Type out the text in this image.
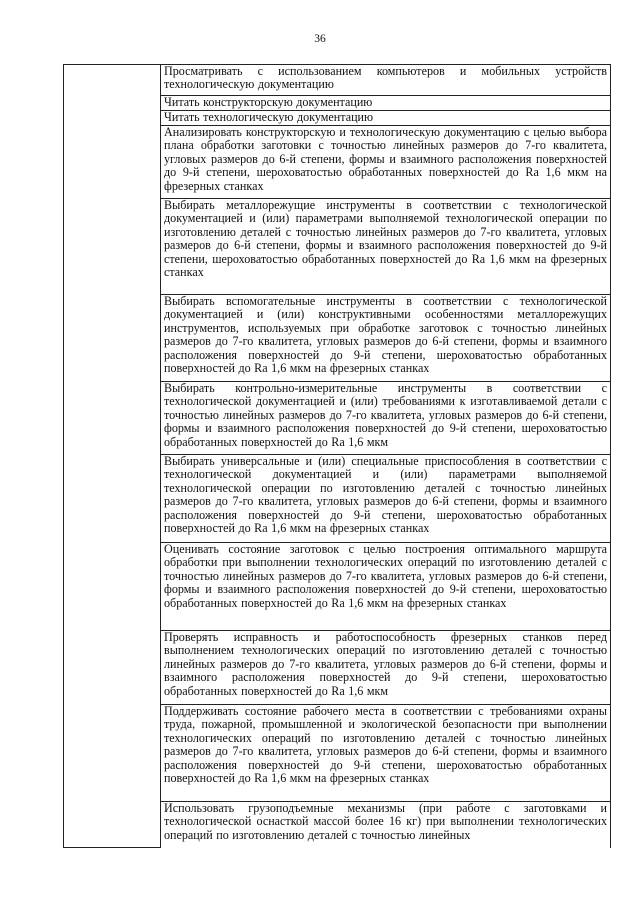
36

Просматривать с использованием компьютеров и мобильных устройств технологическую документацию

Читать конструкторскую документацию

Читать технологическую документацию

Анализировать конструкторскую и технологическую документацию с целью выбора плана обработки заготовки с точностью линейных размеров до 7-го квалитета, угловых размеров до 6-й степени, формы и взаимного расположения поверхностей до 9-й степени, шероховатостью обработанных поверхностей до Ra 1,6 мкм на фрезерных станках

Выбирать металлорежущие инструменты в соответствии с технологической документацией и (или) параметрами выполняемой технологической операции по изготовлению деталей с точностью линейных размеров до 7-го квалитета, угловых размеров до 6-й степени, формы и взаимного расположения поверхностей до 9-й степени, шероховатостью обработанных поверхностей до Ra 1,6 мкм на фрезерных станках

Выбирать вспомогательные инструменты в соответствии с технологической документацией и (или) конструктивными особенностями металлорежущих инструментов, используемых при обработке заготовок с точностью линейных размеров до 7-го квалитета, угловых размеров до 6-й степени, формы и взаимного расположения поверхностей до 9-й степени, шероховатостью обработанных поверхностей до Ra 1,6 мкм на фрезерных станках

Выбирать контрольно-измерительные инструменты в соответствии с технологической документацией и (или) требованиями к изготавливаемой детали с точностью линейных размеров до 7-го квалитета, угловых размеров до 6-й степени, формы и взаимного расположения поверхностей до 9-й степени, шероховатостью обработанных поверхностей до Ra 1,6 мкм

Выбирать универсальные и (или) специальные приспособления в соответствии с технологической документацией и (или) параметрами выполняемой технологической операции по изготовлению деталей с точностью линейных размеров до 7-го квалитета, угловых размеров до 6-й степени, формы и взаимного расположения поверхностей до 9-й степени, шероховатостью обработанных поверхностей до Ra 1,6 мкм на фрезерных станках

Оценивать состояние заготовок с целью построения оптимального маршрута обработки при выполнении технологических операций по изготовлению деталей с точностью линейных размеров до 7-го квалитета, угловых размеров до 6-й степени, формы и взаимного расположения поверхностей до 9-й степени, шероховатостью обработанных поверхностей до Ra 1,6 мкм на фрезерных станках

Проверять исправность и работоспособность фрезерных станков перед выполнением технологических операций по изготовлению деталей с точностью линейных размеров до 7-го квалитета, угловых размеров до 6-й степени, формы и взаимного расположения поверхностей до 9-й степени, шероховатостью обработанных поверхностей до Ra 1,6 мкм

Поддерживать состояние рабочего места в соответствии с требованиями охраны труда, пожарной, промышленной и экологической безопасности при выполнении технологических операций по изготовлению деталей с точностью линейных размеров до 7-го квалитета, угловых размеров до 6-й степени, формы и взаимного расположения поверхностей до 9-й степени, шероховатостью обработанных поверхностей до Ra 1,6 мкм на фрезерных станках

Использовать грузоподъемные механизмы (при работе с заготовками и технологической оснасткой массой более 16 кг) при выполнении технологических операций по изготовлению деталей с точностью линейных
